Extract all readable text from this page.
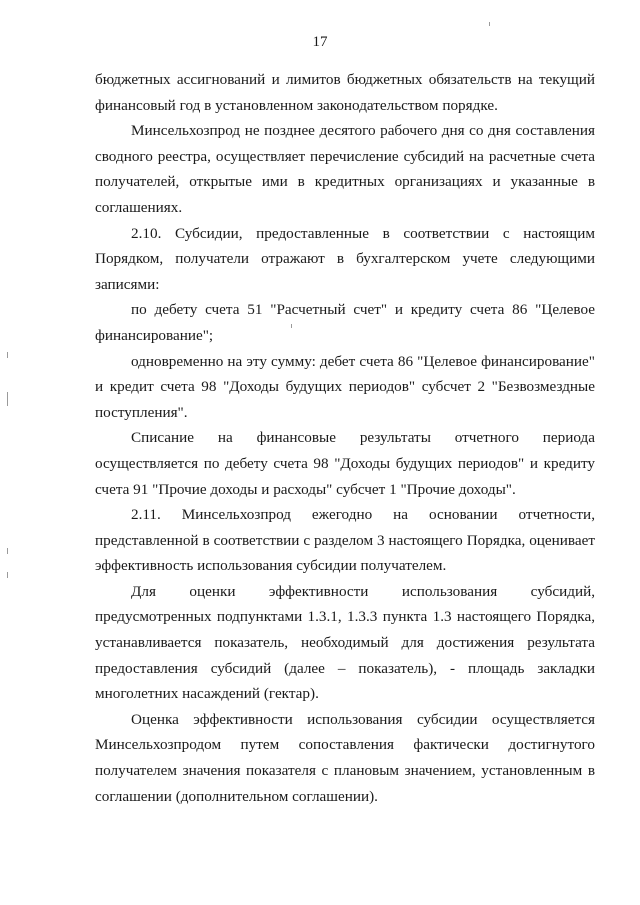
17

бюджетных ассигнований и лимитов бюджетных обязательств на текущий финансовый год в установленном законодательством порядке.

Минсельхозпрод не позднее десятого рабочего дня со дня составления сводного реестра, осуществляет перечисление субсидий на расчетные счета получателей, открытые ими в кредитных организациях и указанные в соглашениях.

2.10. Субсидии, предоставленные в соответствии с настоящим Порядком, получатели отражают в бухгалтерском учете следующими записями:

по дебету счета 51 "Расчетный счет" и кредиту счета 86 "Целевое финансирование";

одновременно на эту сумму: дебет счета 86 "Целевое финансирование" и кредит счета 98 "Доходы будущих периодов" субсчет 2 "Безвозмездные поступления".

Списание на финансовые результаты отчетного периода осуществляется по дебету счета 98 "Доходы будущих периодов" и кредиту счета 91 "Прочие доходы и расходы" субсчет 1 "Прочие доходы".

2.11. Минсельхозпрод ежегодно на основании отчетности, представленной в соответствии с разделом 3 настоящего Порядка, оценивает эффективность использования субсидии получателем.

Для оценки эффективности использования субсидий, предусмотренных подпунктами 1.3.1, 1.3.3 пункта 1.3 настоящего Порядка, устанавливается показатель, необходимый для достижения результата предоставления субсидий (далее – показатель), - площадь закладки многолетних насаждений (гектар).

Оценка эффективности использования субсидии осуществляется Минсельхозпродом путем сопоставления фактически достигнутого получателем значения показателя с плановым значением, установленным в соглашении (дополнительном соглашении).
